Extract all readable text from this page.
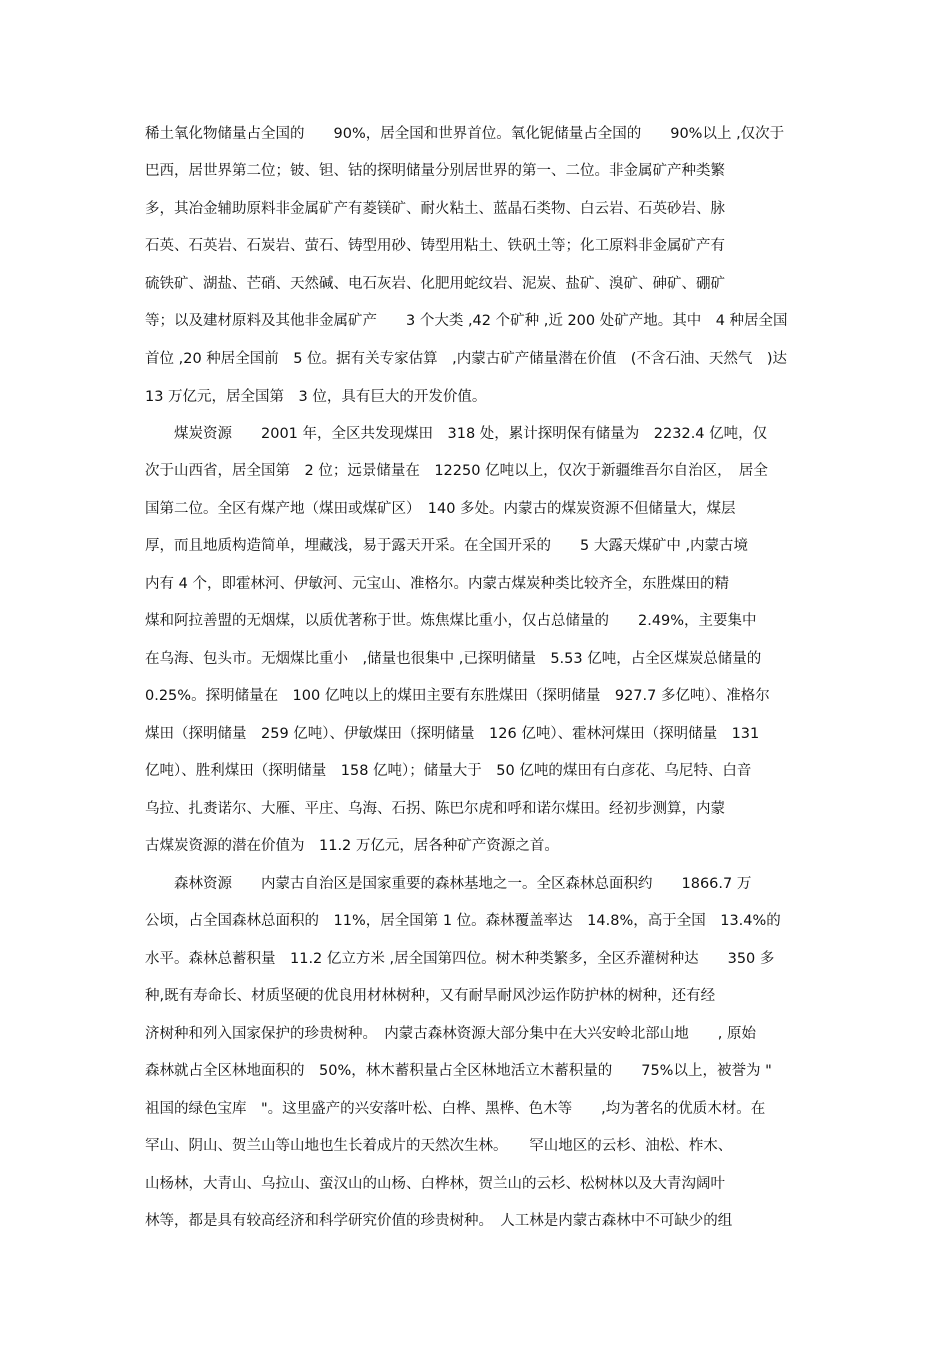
稀土氧化物储量占全国的　　90%，居全国和世界首位。氧化铌储量占全国的　　90%以上 ,仅次于
巴西，居世界第二位；铍、钽、钴的探明储量分别居世界的第一、二位。非金属矿产种类繁
多，其冶金辅助原料非金属矿产有菱镁矿、耐火粘土、蓝晶石类物、白云岩、石英砂岩、脉
石英、石英岩、石炭岩、萤石、铸型用砂、铸型用粘土、铁矾土等；化工原料非金属矿产有
硫铁矿、湖盐、芒硝、天然碱、电石灰岩、化肥用蛇纹岩、泥炭、盐矿、溴矿、砷矿、硼矿
等；以及建材原料及其他非金属矿产　　3 个大类 ,42 个矿种 ,近 200 处矿产地。其中　4 种居全国
首位 ,20 种居全国前　5 位。据有关专家估算　,内蒙古矿产储量潜在价值　(不含石油、天然气　)达
13 万亿元，居全国第　3 位，具有巨大的开发价值。
　　煤炭资源　　2001 年，全区共发现煤田　318 处，累计探明保有储量为　2232.4 亿吨，仅
次于山西省，居全国第　2 位；远景储量在　12250 亿吨以上，仅次于新疆维吾尔自治区，　居全
国第二位。全区有煤产地（煤田或煤矿区）　140 多处。内蒙古的煤炭资源不但储量大，煤层
厚，而且地质构造简单，埋藏浅，易于露天开采。在全国开采的　　5 大露天煤矿中 ,内蒙古境
内有 4 个，即霍林河、伊敏河、元宝山、准格尔。内蒙古煤炭种类比较齐全，东胜煤田的精
煤和阿拉善盟的无烟煤，以质优著称于世。炼焦煤比重小，仅占总储量的　　2.49%，主要集中
在乌海、包头市。无烟煤比重小　,储量也很集中 ,已探明储量　5.53 亿吨，占全区煤炭总储量的
0.25%。探明储量在　100 亿吨以上的煤田主要有东胜煤田（探明储量　927.7 多亿吨）、准格尔
煤田（探明储量　259 亿吨）、伊敏煤田（探明储量　126 亿吨）、霍林河煤田（探明储量　131
亿吨）、胜利煤田（探明储量　158 亿吨）；储量大于　50 亿吨的煤田有白彦花、乌尼特、白音
乌拉、扎赉诺尔、大雁、平庄、乌海、石拐、陈巴尔虎和呼和诺尔煤田。经初步测算，内蒙
古煤炭资源的潜在价值为　11.2 万亿元，居各种矿产资源之首。
　　森林资源　　内蒙古自治区是国家重要的森林基地之一。全区森林总面积约　　1866.7 万
公顷，占全国森林总面积的　11%，居全国第 1 位。森林覆盖率达　14.8%，高于全国　13.4%的
水平。森林总蓄积量　11.2 亿立方米 ,居全国第四位。树木种类繁多，全区乔灌树种达　　350 多
种,既有寿命长、材质坚硬的优良用材林树种，又有耐旱耐风沙运作防护林的树种，还有经
济树种和列入国家保护的珍贵树种。　内蒙古森林资源大部分集中在大兴安岭北部山地　　, 原始
森林就占全区林地面积的　50%，林木蓄积量占全区林地活立木蓄积量的　　75%以上，被誉为 "
祖国的绿色宝库　"。这里盛产的兴安落叶松、白桦、黑桦、色木等　　,均为著名的优质木材。在
罕山、阴山、贺兰山等山地也生长着成片的天然次生林。　　罕山地区的云杉、油松、柞木、
山杨林，大青山、乌拉山、蛮汉山的山杨、白桦林，贺兰山的云杉、松树林以及大青沟阔叶
林等，都是具有较高经济和科学研究价值的珍贵树种。　人工林是内蒙古森林中不可缺少的组
